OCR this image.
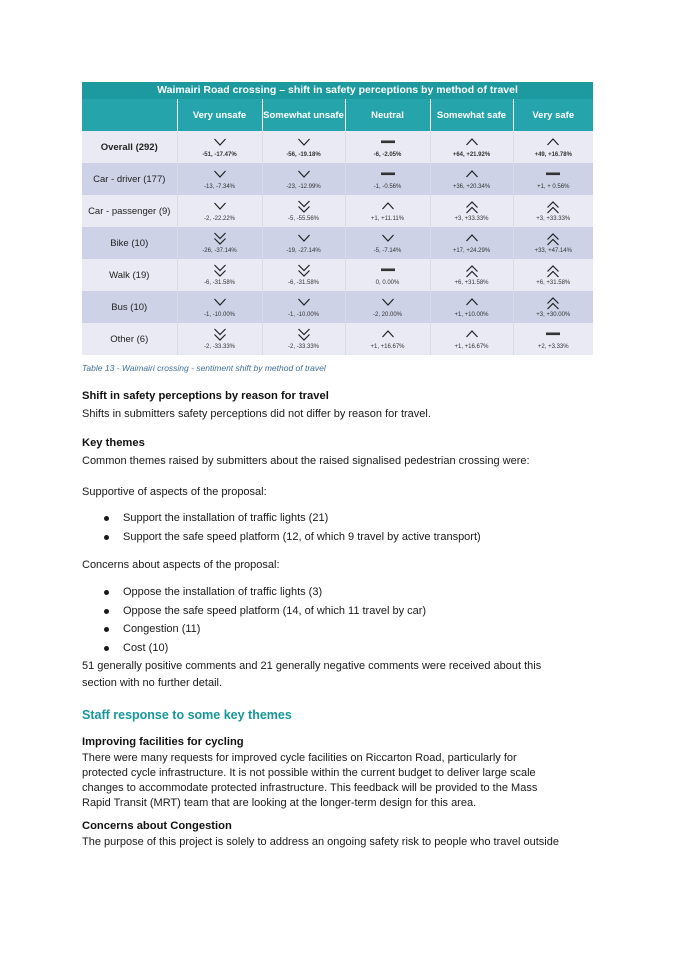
Waimairi Road crossing – shift in safety perceptions by method of travel
	Very unsafe	Somewhat unsafe	Neutral	Somewhat safe	Very safe
Overall (292)	-51, -17.47%	-56, -19.18%	-6, -2.05%	+64, +21.92%	+49, +16.78%

Car - driver (177)	-13, -7.34%	-23, -12.99%	-1, -0.56%	+36, +20.34%	+1, + 0.56%

Car - passenger (9)	-2, -22.22%	-5, -55.56%	+1, +11.11%	+3, +33.33%	+3, +33.33%

Bike (10)	-26, -37.14%	-19, -27.14%	-5, -7.14%	+17, +24.29%	+33, +47.14%

Walk (19)	-6, -31.58%	-6, -31.58%	0, 0.00%	+6, +31.58%	+6, +31.58%

Bus (10)	-1, -10.00%	-1, -10.00%	-2, 20.00%	+1, +10.00%	+3, +30.00%

Other (6)	-2, -33.33%	-2, -33.33%	+1, +16.67%	+1, +16.67%	+2, +3.33%
Table 13 - Waimairi crossing - sentiment shift by method of travel
Shift in safety perceptions by reason for travel
Shifts in submitters safety perceptions did not differ by reason for travel.
Key themes
Common themes raised by submitters about the raised signalised pedestrian crossing were:
Supportive of aspects of the proposal:
Support the installation of traffic lights (21)
Support the safe speed platform (12, of which 9 travel by active transport)
Concerns about aspects of the proposal:
Oppose the installation of traffic lights (3)
Oppose the safe speed platform (14, of which 11 travel by car)
Congestion (11)
Cost (10)
51 generally positive comments and 21 generally negative comments were received about this
section with no further detail.
Staff response to some key themes
Improving facilities for cycling
There were many requests for improved cycle facilities on Riccarton Road, particularly for
protected cycle infrastructure. It is not possible within the current budget to deliver large scale
changes to accommodate protected infrastructure. This feedback will be provided to the Mass
Rapid Transit (MRT) team that are looking at the longer-term design for this area.
Concerns about Congestion
The purpose of this project is solely to address an ongoing safety risk to people who travel outside
